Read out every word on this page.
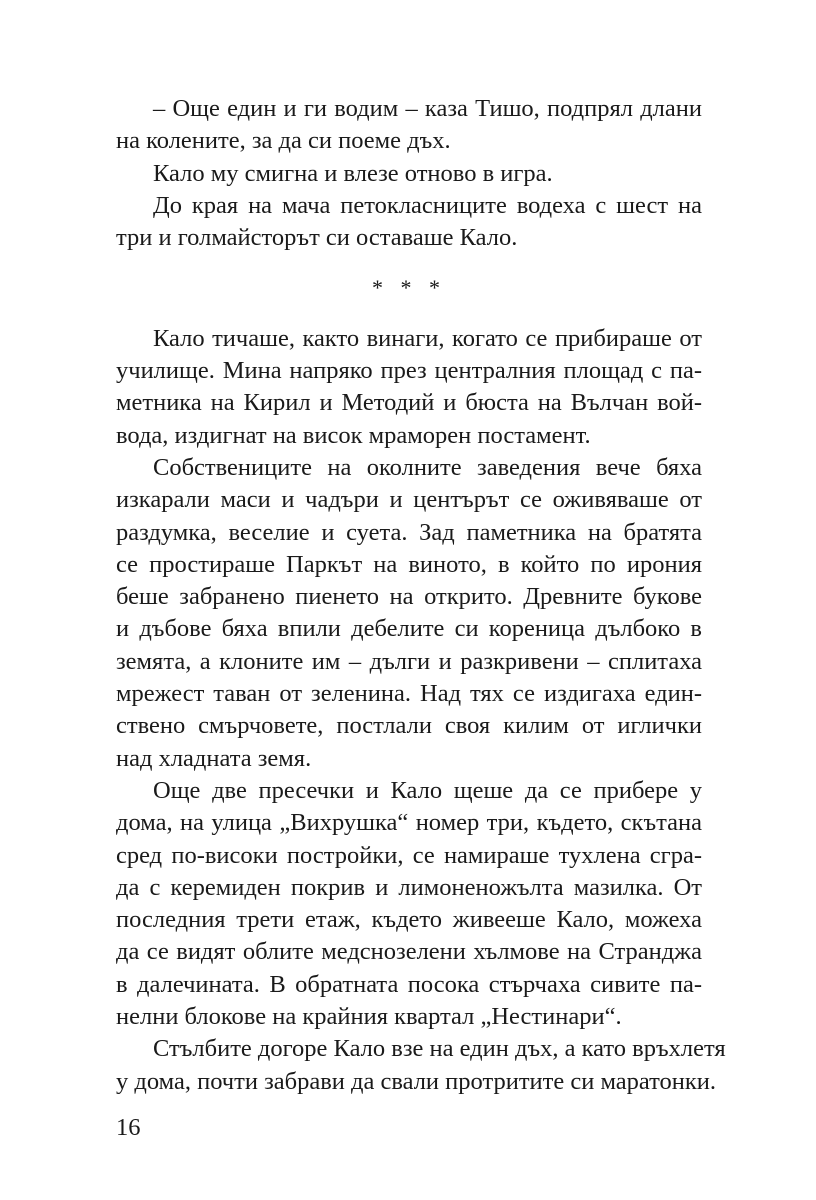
– Още един и ги водим – каза Тишо, подпрял длани
на колените, за да си поеме дъх.
Кало му смигна и влезе отново в игра.
До края на мача петокласниците водеха с шест на
три и голмайсторът си оставаше Кало.
* * *
Кало тичаше, както винаги, когато се прибираше от
училище. Мина напряко през централния площад с па-
метника на Кирил и Методий и бюста на Вълчан вой-
вода, издигнат на висок мраморен постамент.
Собствениците на околните заведения вече бяха
изкарали маси и чадъри и центърът се оживяваше от
раздумка, веселие и суета. Зад паметника на братята
се простираше Паркът на виното, в който по ирония
беше забранено пиенето на открито. Древните букове
и дъбове бяха впили дебелите си кореница дълбоко в
земята, а клоните им – дълги и разкривени – сплитаха
мрежест таван от зеленина. Над тях се издигаха един-
ствено смърчовете, постлали своя килим от иглички
над хладната земя.
Още две пресечки и Кало щеше да се прибере у
дома, на улица „Вихрушка“ номер три, където, скътана
сред по-високи постройки, се намираше тухлена сгра-
да с керемиден покрив и лимоненожълта мазилка. От
последния трети етаж, където живееше Кало, можеха
да се видят облите медснозелени хълмове на Странджа
в далечината. В обратната посока стърчаха сивите па-
нелни блокове на крайния квартал „Нестинари“.
Стълбите догоре Кало взе на един дъх, а като връхлетя
у дома, почти забрави да свали протритите си маратонки.
16
